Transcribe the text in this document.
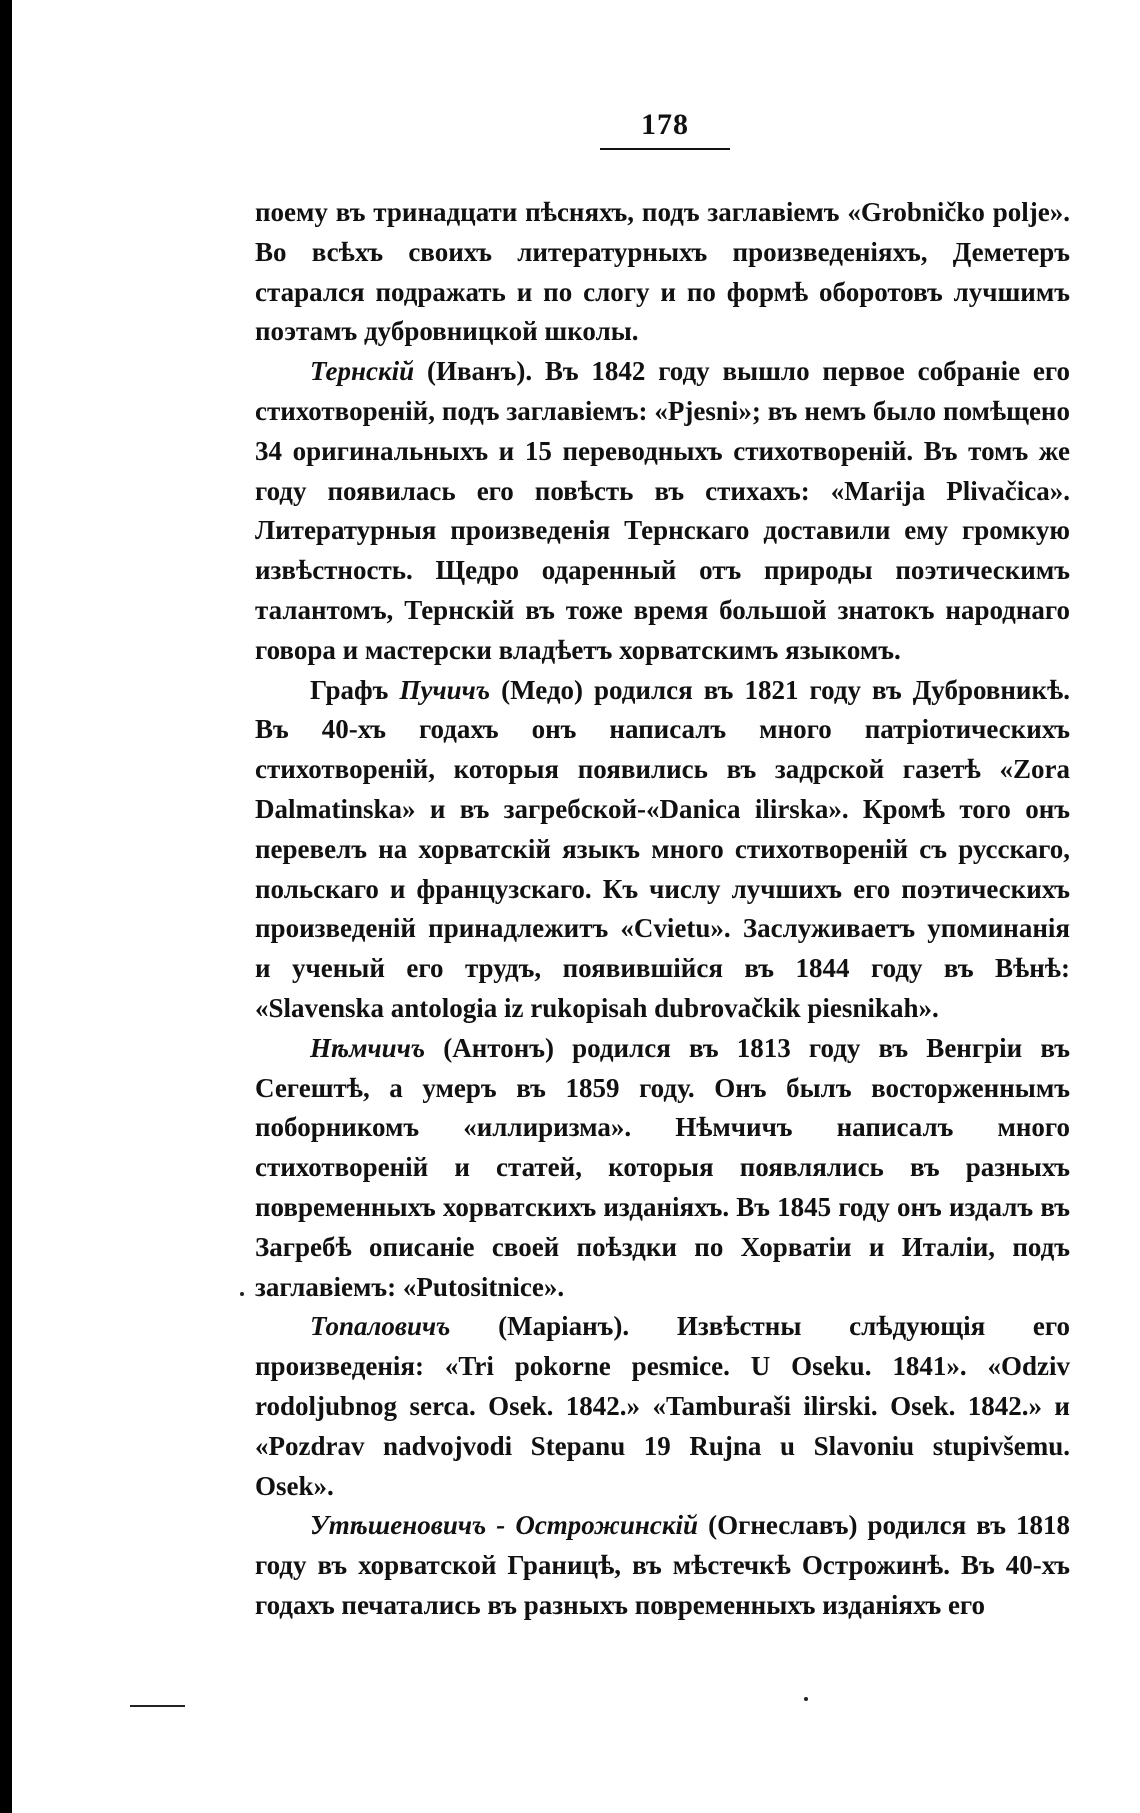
178

поему въ тринадцати пѣсняхъ, подъ заглавіемъ «Grobničko polje». Во всѣхъ своихъ литературныхъ произведеніяхъ, Деметеръ старался подражать и по слогу и по формѣ оборотовъ лучшимъ поэтамъ дубровницкой школы.

Тернскій (Иванъ). Въ 1842 году вышло первое собраніе его стихотвореній, подъ заглавіемъ: «Pjesni»; въ немъ было помѣщено 34 оригинальныхъ и 15 переводныхъ стихотвореній. Въ томъ же году появилась его повѣсть въ стихахъ: «Marija Plivačica». Литературныя произведенія Тернскаго доставили ему громкую извѣстность. Щедро одаренный отъ природы поэтическимъ талантомъ, Тернскій въ тоже время большой знатокъ народнаго говора и мастерски владѣетъ хорватскимъ языкомъ.

Графъ Пучичъ (Медо) родился въ 1821 году въ Дубровникѣ. Въ 40-хъ годахъ онъ написалъ много патріотическихъ стихотвореній, которыя появились въ задрской газетѣ «Zora Dalmatinska» и въ загребской-«Danica ilirska». Кромѣ того онъ перевелъ на хорватскій языкъ много стихотвореній съ русскаго, польскаго и французскаго. Къ числу лучшихъ его поэтическихъ произведеній принадлежитъ «Cvietu». Заслуживаетъ упоминанія и ученый его трудъ, появившійся въ 1844 году въ Вѣнѣ: «Slavenska antologia iz rukopisah dubrovačkik piesnikah».

Нѣмчичъ (Антонъ) родился въ 1813 году въ Венгріи въ Сегештѣ, а умеръ въ 1859 году. Онъ былъ восторженнымъ поборникомъ «иллиризма». Нѣмчичъ написалъ много стихотвореній и статей, которыя появлялись въ разныхъ повременныхъ хорватскихъ изданіяхъ. Въ 1845 году онъ издалъ въ Загребѣ описаніе своей поѣздки по Хорватіи и Италіи, подъ заглавіемъ: «Putositnice».

Топаловичъ (Маріанъ). Извѣстны слѣдующія его произведенія: «Tri pokorne pesmice. U Oseku. 1841». «Odziv rodoljubnog serca. Osek. 1842.» «Tamburaši ilirski. Osek. 1842.» и «Pozdrav nadvojvodi Stepanu 19 Rujna u Slavoniu stupivšemu. Osek».

Утѣшеновичъ - Острожинскій (Огнеславъ) родился въ 1818 году въ хорватской Границѣ, въ мѣстечкѣ Острожинѣ. Въ 40-хъ годахъ печатались въ разныхъ повременныхъ изданіяхъ его
